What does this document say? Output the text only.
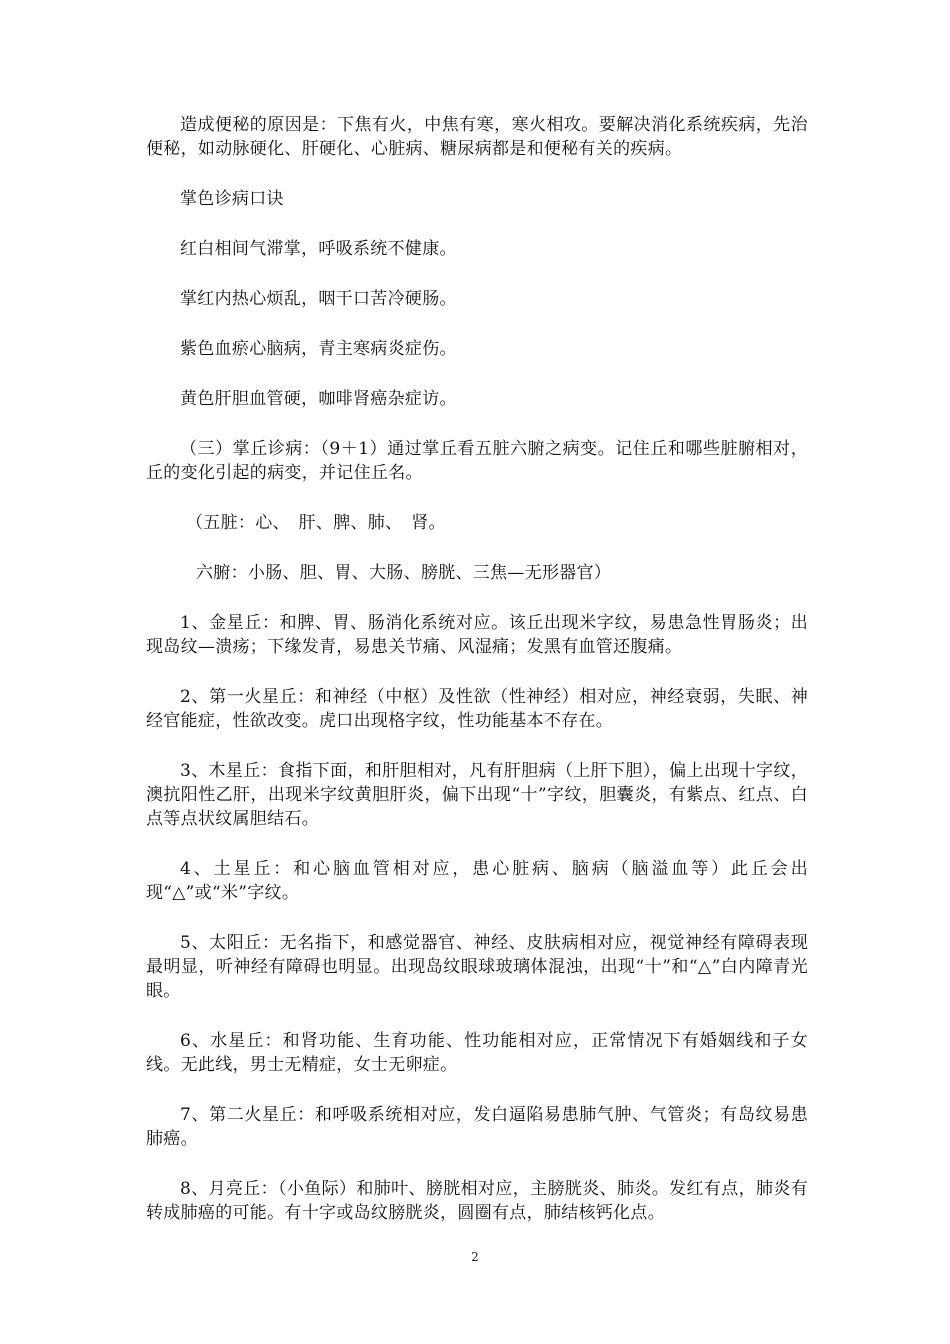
造成便秘的原因是：下焦有火，中焦有寒，寒火相攻。要解决消化系统疾病，先治便秘，如动脉硬化、肝硬化、心脏病、糖尿病都是和便秘有关的疾病。

掌色诊病口诀

红白相间气滞掌，呼吸系统不健康。

掌红内热心烦乱，咽干口苦冷硬肠。

紫色血瘀心脑病，青主寒病炎症伤。

黄色肝胆血管硬，咖啡肾癌杂症访。

（三）掌丘诊病：（9＋1）通过掌丘看五脏六腑之病变。记住丘和哪些脏腑相对，丘的变化引起的病变，并记住丘名。

（五脏：心、　肝、脾、肺、　肾。

六腑：小肠、胆、胃、大肠、膀胱、三焦—无形器官）

1、金星丘：和脾、胃、肠消化系统对应。该丘出现米字纹，易患急性胃肠炎；出现岛纹—溃疡；下缘发青，易患关节痛、风湿痛；发黑有血管还腹痛。

2、第一火星丘：和神经（中枢）及性欲（性神经）相对应，神经衰弱，失眠、神经官能症，性欲改变。虎口出现格字纹，性功能基本不存在。

3、木星丘：食指下面，和肝胆相对，凡有肝胆病（上肝下胆），偏上出现十字纹，澳抗阳性乙肝，出现米字纹黄胆肝炎，偏下出现“十”字纹，胆囊炎，有紫点、红点、白点等点状纹属胆结石。

4、土星丘：和心脑血管相对应，患心脏病、脑病（脑溢血等）此丘会出现“△”或“米”字纹。

5、太阳丘：无名指下，和感觉器官、神经、皮肤病相对应，视觉神经有障碍表现最明显，听神经有障碍也明显。出现岛纹眼球玻璃体混浊，出现“十”和“△”白内障青光眼。

6、水星丘：和肾功能、生育功能、性功能相对应，正常情况下有婚姻线和子女线。无此线，男士无精症，女士无卵症。

7、第二火星丘：和呼吸系统相对应，发白逼陷易患肺气肿、气管炎；有岛纹易患肺癌。

8、月亮丘：（小鱼际）和肺叶、膀胱相对应，主膀胱炎、肺炎。发红有点，肺炎有转成肺癌的可能。有十字或岛纹膀胱炎，圆圈有点，肺结核钙化点。

2
